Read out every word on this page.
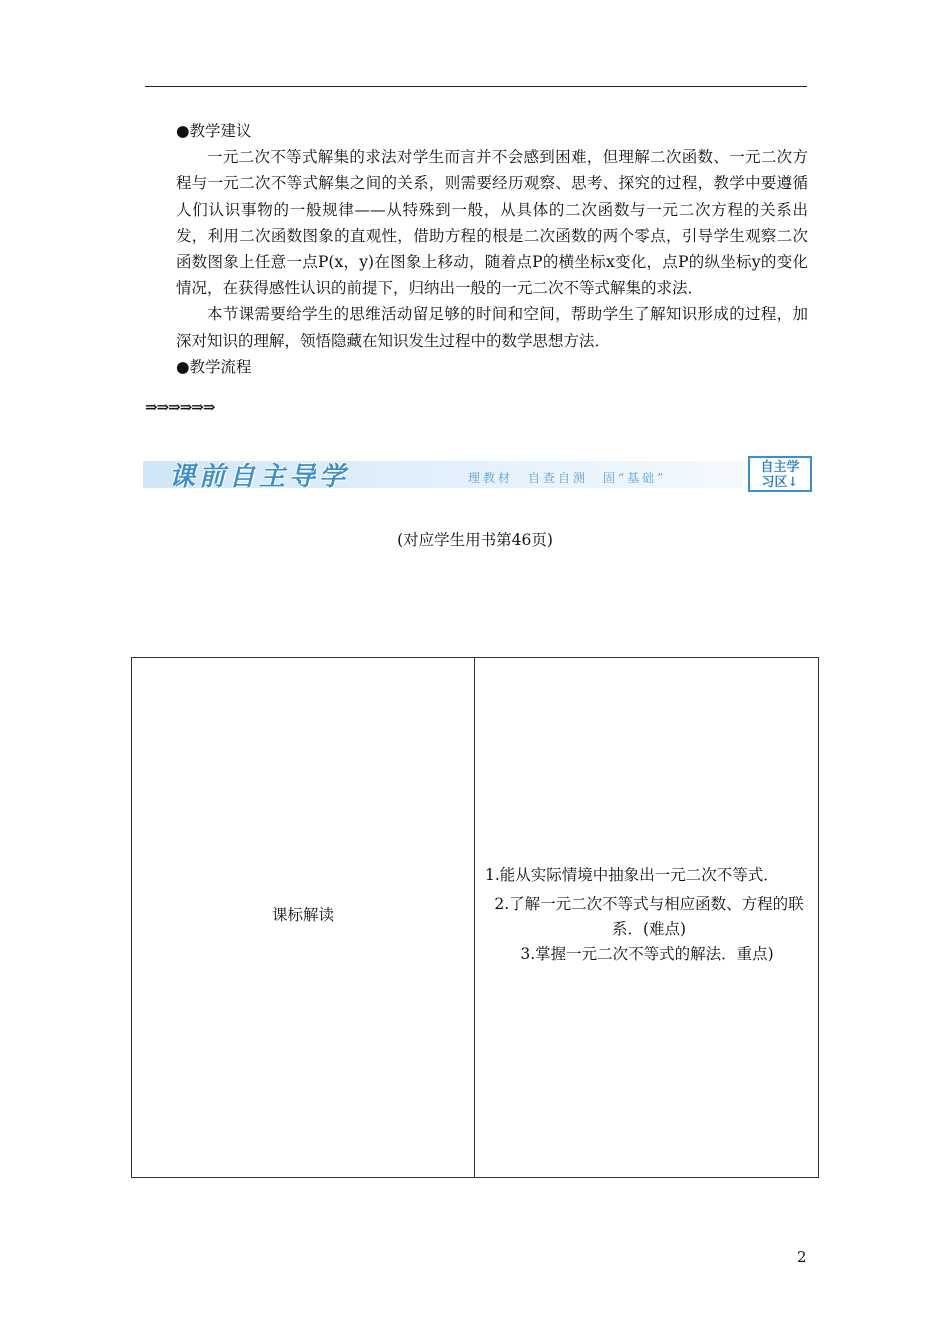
●教学建议

一元二次不等式解集的求法对学生而言并不会感到困难，但理解二次函数、一元二次方程与一元二次不等式解集之间的关系，则需要经历观察、思考、探究的过程，教学中要遵循人们认识事物的一般规律——从特殊到一般，从具体的二次函数与一元二次方程的关系出发，利用二次函数图象的直观性，借助方程的根是二次函数的两个零点，引导学生观察二次函数图象上任意一点P(x，y)在图象上移动，随着点P的横坐标x变化，点P的纵坐标y的变化情况，在获得感性认识的前提下，归纳出一般的一元二次不等式解集的求法．

本节课需要给学生的思维活动留足够的时间和空间，帮助学生了解知识形成的过程，加深对知识的理解，领悟隐藏在知识发生过程中的数学思想方法．

●教学流程

⇒⇒⇒⇒⇒⇒
课前自主导学	理教材　自查自测　固“基础”
自主学
习区↓
(对应学生用书第46页)
课标解读

1.能从实际情境中抽象出一元二次不等式．

2.了解一元二次不等式与相应函数、方程的联系．(难点)

3.掌握一元二次不等式的解法．重点)

2
